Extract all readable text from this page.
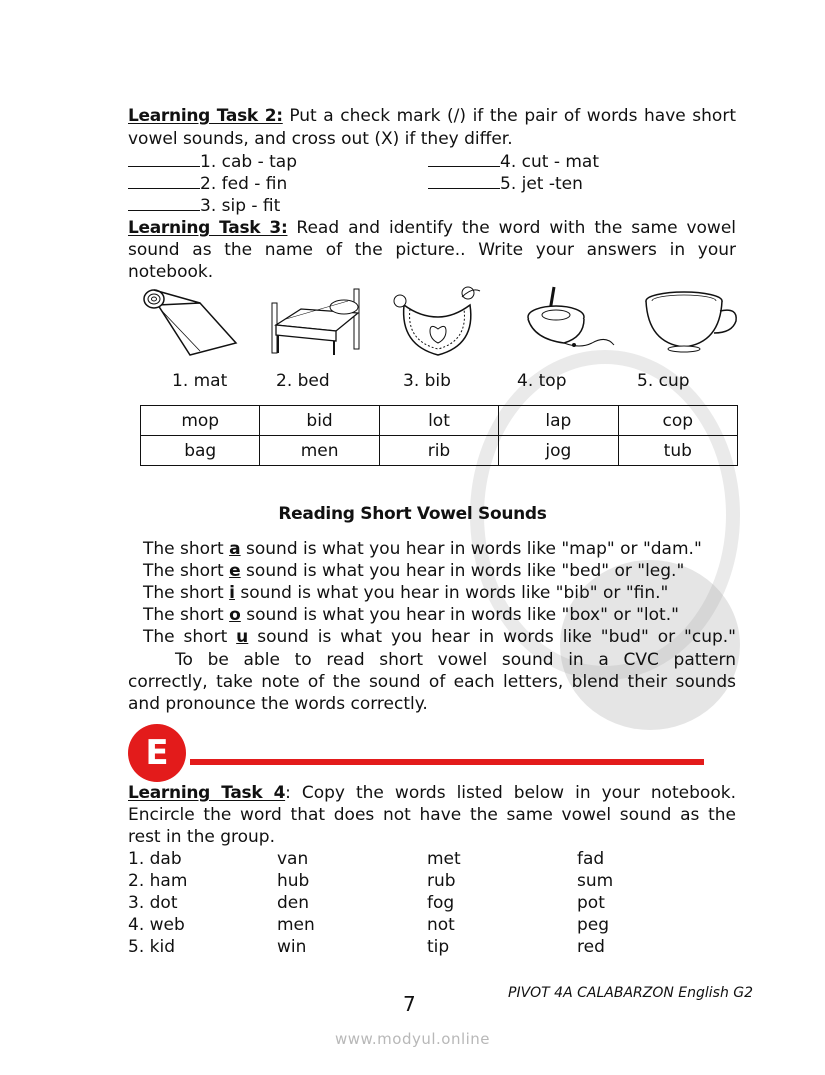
Learning Task 2: Put a check mark (/) if the pair of words have short
vowel sounds, and cross out (X) if they differ.
1. cab - tap
2. fed - fin
3. sip - fit
4. cut - mat
5. jet -ten
Learning Task 3: Read and identify the word with the same vowel
sound as the name of the picture.. Write your answers in your
notebook.
1. mat	2. bed	3. bib	4. top	5. cup
mop	bid	lot	lap	cop
bag	men	rib	jog	tub
Reading Short Vowel Sounds
The short a sound is what you hear in words like "map" or "dam."
The short e sound is what you hear in words like "bed" or "leg."
The short i sound is what you hear in words like "bib" or "fin."
The short o sound is what you hear in words like "box" or "lot."
The short u sound is what you hear in words like "bud" or "cup."
To be able to read short vowel sound in a CVC pattern
correctly, take note of the sound of each letters, blend their sounds
and pronounce the words correctly.
E
Learning Task 4: Copy the words listed below in your notebook.
Encircle the word that does not have the same vowel sound as the
rest in the group.
1. dab	van	met	fad
2. ham	hub	rub	sum
3. dot	den	fog	pot
4. web	men	not	peg
5. kid	win	tip	red
PIVOT 4A CALABARZON English G2
7
www.modyul.online
